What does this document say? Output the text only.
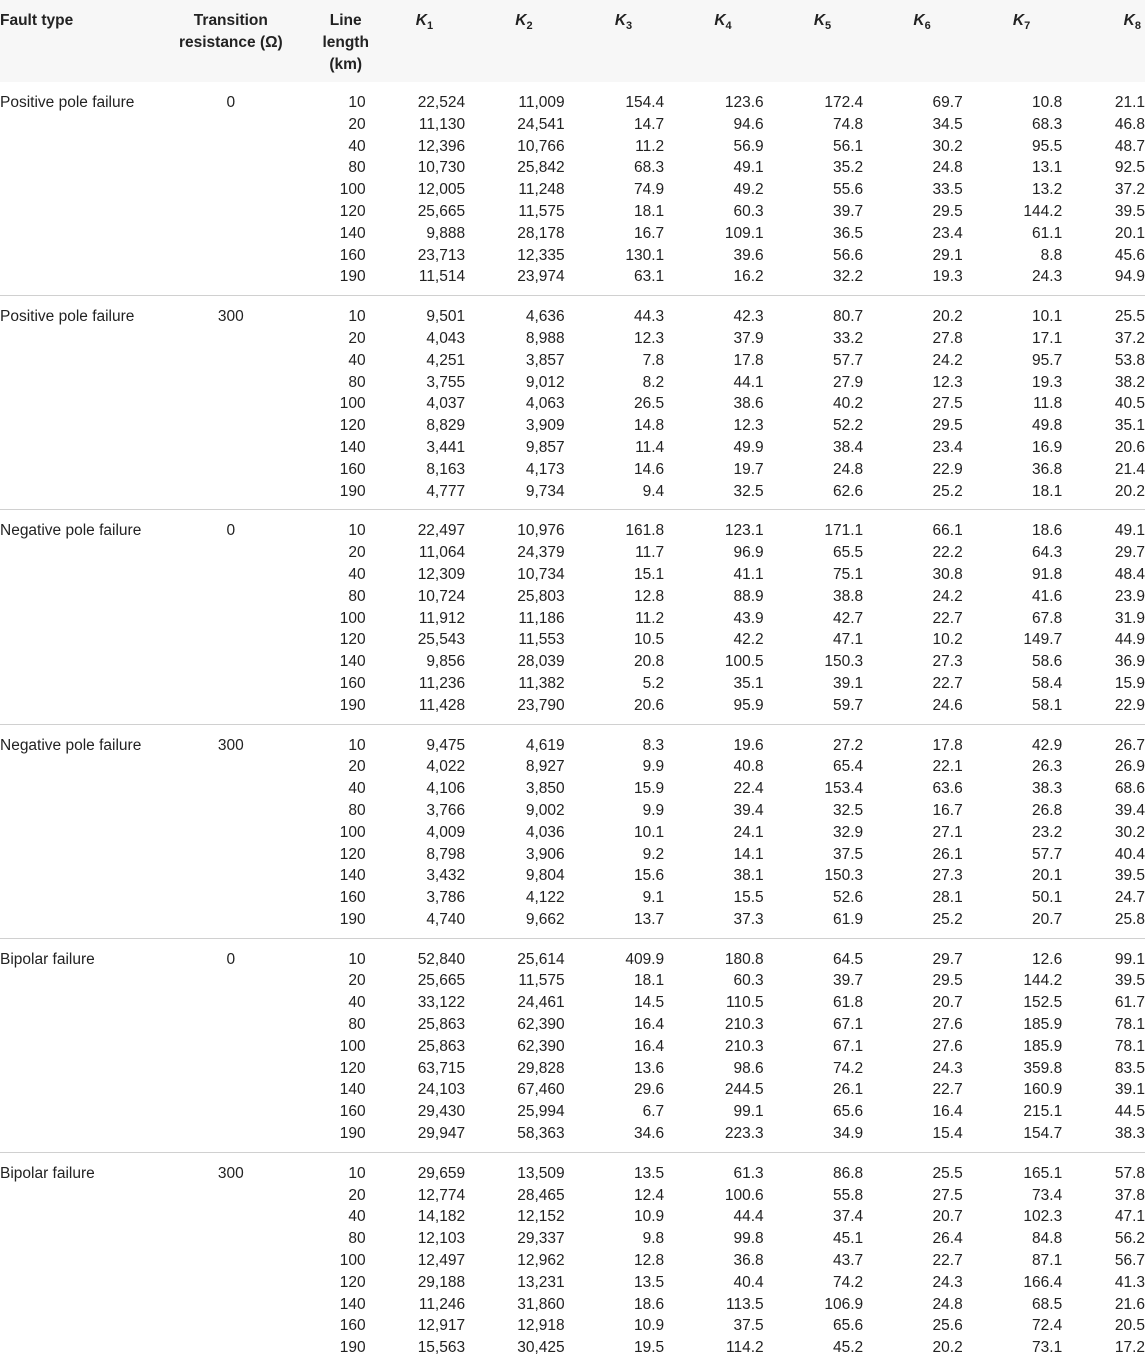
Fault type	Transition resistance (Ω)	Line length (km)	$K_1$	$K_2$	$K_3$	$K_4$	$K_5$	$K_6$	$K_7$	$K_8$
Positive pole failure	0	10	22,524	11,009	154.4	123.6	172.4	69.7	10.8	21.1
		20	11,130	24,541	14.7	94.6	74.8	34.5	68.3	46.8
		40	12,396	10,766	11.2	56.9	56.1	30.2	95.5	48.7
		80	10,730	25,842	68.3	49.1	35.2	24.8	13.1	92.5
		100	12,005	11,248	74.9	49.2	55.6	33.5	13.2	37.2
		120	25,665	11,575	18.1	60.3	39.7	29.5	144.2	39.5
		140	9,888	28,178	16.7	109.1	36.5	23.4	61.1	20.1
		160	23,713	12,335	130.1	39.6	56.6	29.1	8.8	45.6
		190	11,514	23,974	63.1	16.2	32.2	19.3	24.3	94.9
Positive pole failure	300	10	9,501	4,636	44.3	42.3	80.7	20.2	10.1	25.5
		20	4,043	8,988	12.3	37.9	33.2	27.8	17.1	37.2
		40	4,251	3,857	7.8	17.8	57.7	24.2	95.7	53.8
		80	3,755	9,012	8.2	44.1	27.9	12.3	19.3	38.2
		100	4,037	4,063	26.5	38.6	40.2	27.5	11.8	40.5
		120	8,829	3,909	14.8	12.3	52.2	29.5	49.8	35.1
		140	3,441	9,857	11.4	49.9	38.4	23.4	16.9	20.6
		160	8,163	4,173	14.6	19.7	24.8	22.9	36.8	21.4
		190	4,777	9,734	9.4	32.5	62.6	25.2	18.1	20.2
Negative pole failure	0	10	22,497	10,976	161.8	123.1	171.1	66.1	18.6	49.1
		20	11,064	24,379	11.7	96.9	65.5	22.2	64.3	29.7
		40	12,309	10,734	15.1	41.1	75.1	30.8	91.8	48.4
		80	10,724	25,803	12.8	88.9	38.8	24.2	41.6	23.9
		100	11,912	11,186	11.2	43.9	42.7	22.7	67.8	31.9
		120	25,543	11,553	10.5	42.2	47.1	10.2	149.7	44.9
		140	9,856	28,039	20.8	100.5	150.3	27.3	58.6	36.9
		160	11,236	11,382	5.2	35.1	39.1	22.7	58.4	15.9
		190	11,428	23,790	20.6	95.9	59.7	24.6	58.1	22.9
Negative pole failure	300	10	9,475	4,619	8.3	19.6	27.2	17.8	42.9	26.7
		20	4,022	8,927	9.9	40.8	65.4	22.1	26.3	26.9
		40	4,106	3,850	15.9	22.4	153.4	63.6	38.3	68.6
		80	3,766	9,002	9.9	39.4	32.5	16.7	26.8	39.4
		100	4,009	4,036	10.1	24.1	32.9	27.1	23.2	30.2
		120	8,798	3,906	9.2	14.1	37.5	26.1	57.7	40.4
		140	3,432	9,804	15.6	38.1	150.3	27.3	20.1	39.5
		160	3,786	4,122	9.1	15.5	52.6	28.1	50.1	24.7
		190	4,740	9,662	13.7	37.3	61.9	25.2	20.7	25.8
Bipolar failure	0	10	52,840	25,614	409.9	180.8	64.5	29.7	12.6	99.1
		20	25,665	11,575	18.1	60.3	39.7	29.5	144.2	39.5
		40	33,122	24,461	14.5	110.5	61.8	20.7	152.5	61.7
		80	25,863	62,390	16.4	210.3	67.1	27.6	185.9	78.1
		100	25,863	62,390	16.4	210.3	67.1	27.6	185.9	78.1
		120	63,715	29,828	13.6	98.6	74.2	24.3	359.8	83.5
		140	24,103	67,460	29.6	244.5	26.1	22.7	160.9	39.1
		160	29,430	25,994	6.7	99.1	65.6	16.4	215.1	44.5
		190	29,947	58,363	34.6	223.3	34.9	15.4	154.7	38.3
Bipolar failure	300	10	29,659	13,509	13.5	61.3	86.8	25.5	165.1	57.8
		20	12,774	28,465	12.4	100.6	55.8	27.5	73.4	37.8
		40	14,182	12,152	10.9	44.4	37.4	20.7	102.3	47.1
		80	12,103	29,337	9.8	99.8	45.1	26.4	84.8	56.2
		100	12,497	12,962	12.8	36.8	43.7	22.7	87.1	56.7
		120	29,188	13,231	13.5	40.4	74.2	24.3	166.4	41.3
		140	11,246	31,860	18.6	113.5	106.9	24.8	68.5	21.6
		160	12,917	12,918	10.9	37.5	65.6	25.6	72.4	20.5
		190	15,563	30,425	19.5	114.2	45.2	20.2	73.1	17.2
